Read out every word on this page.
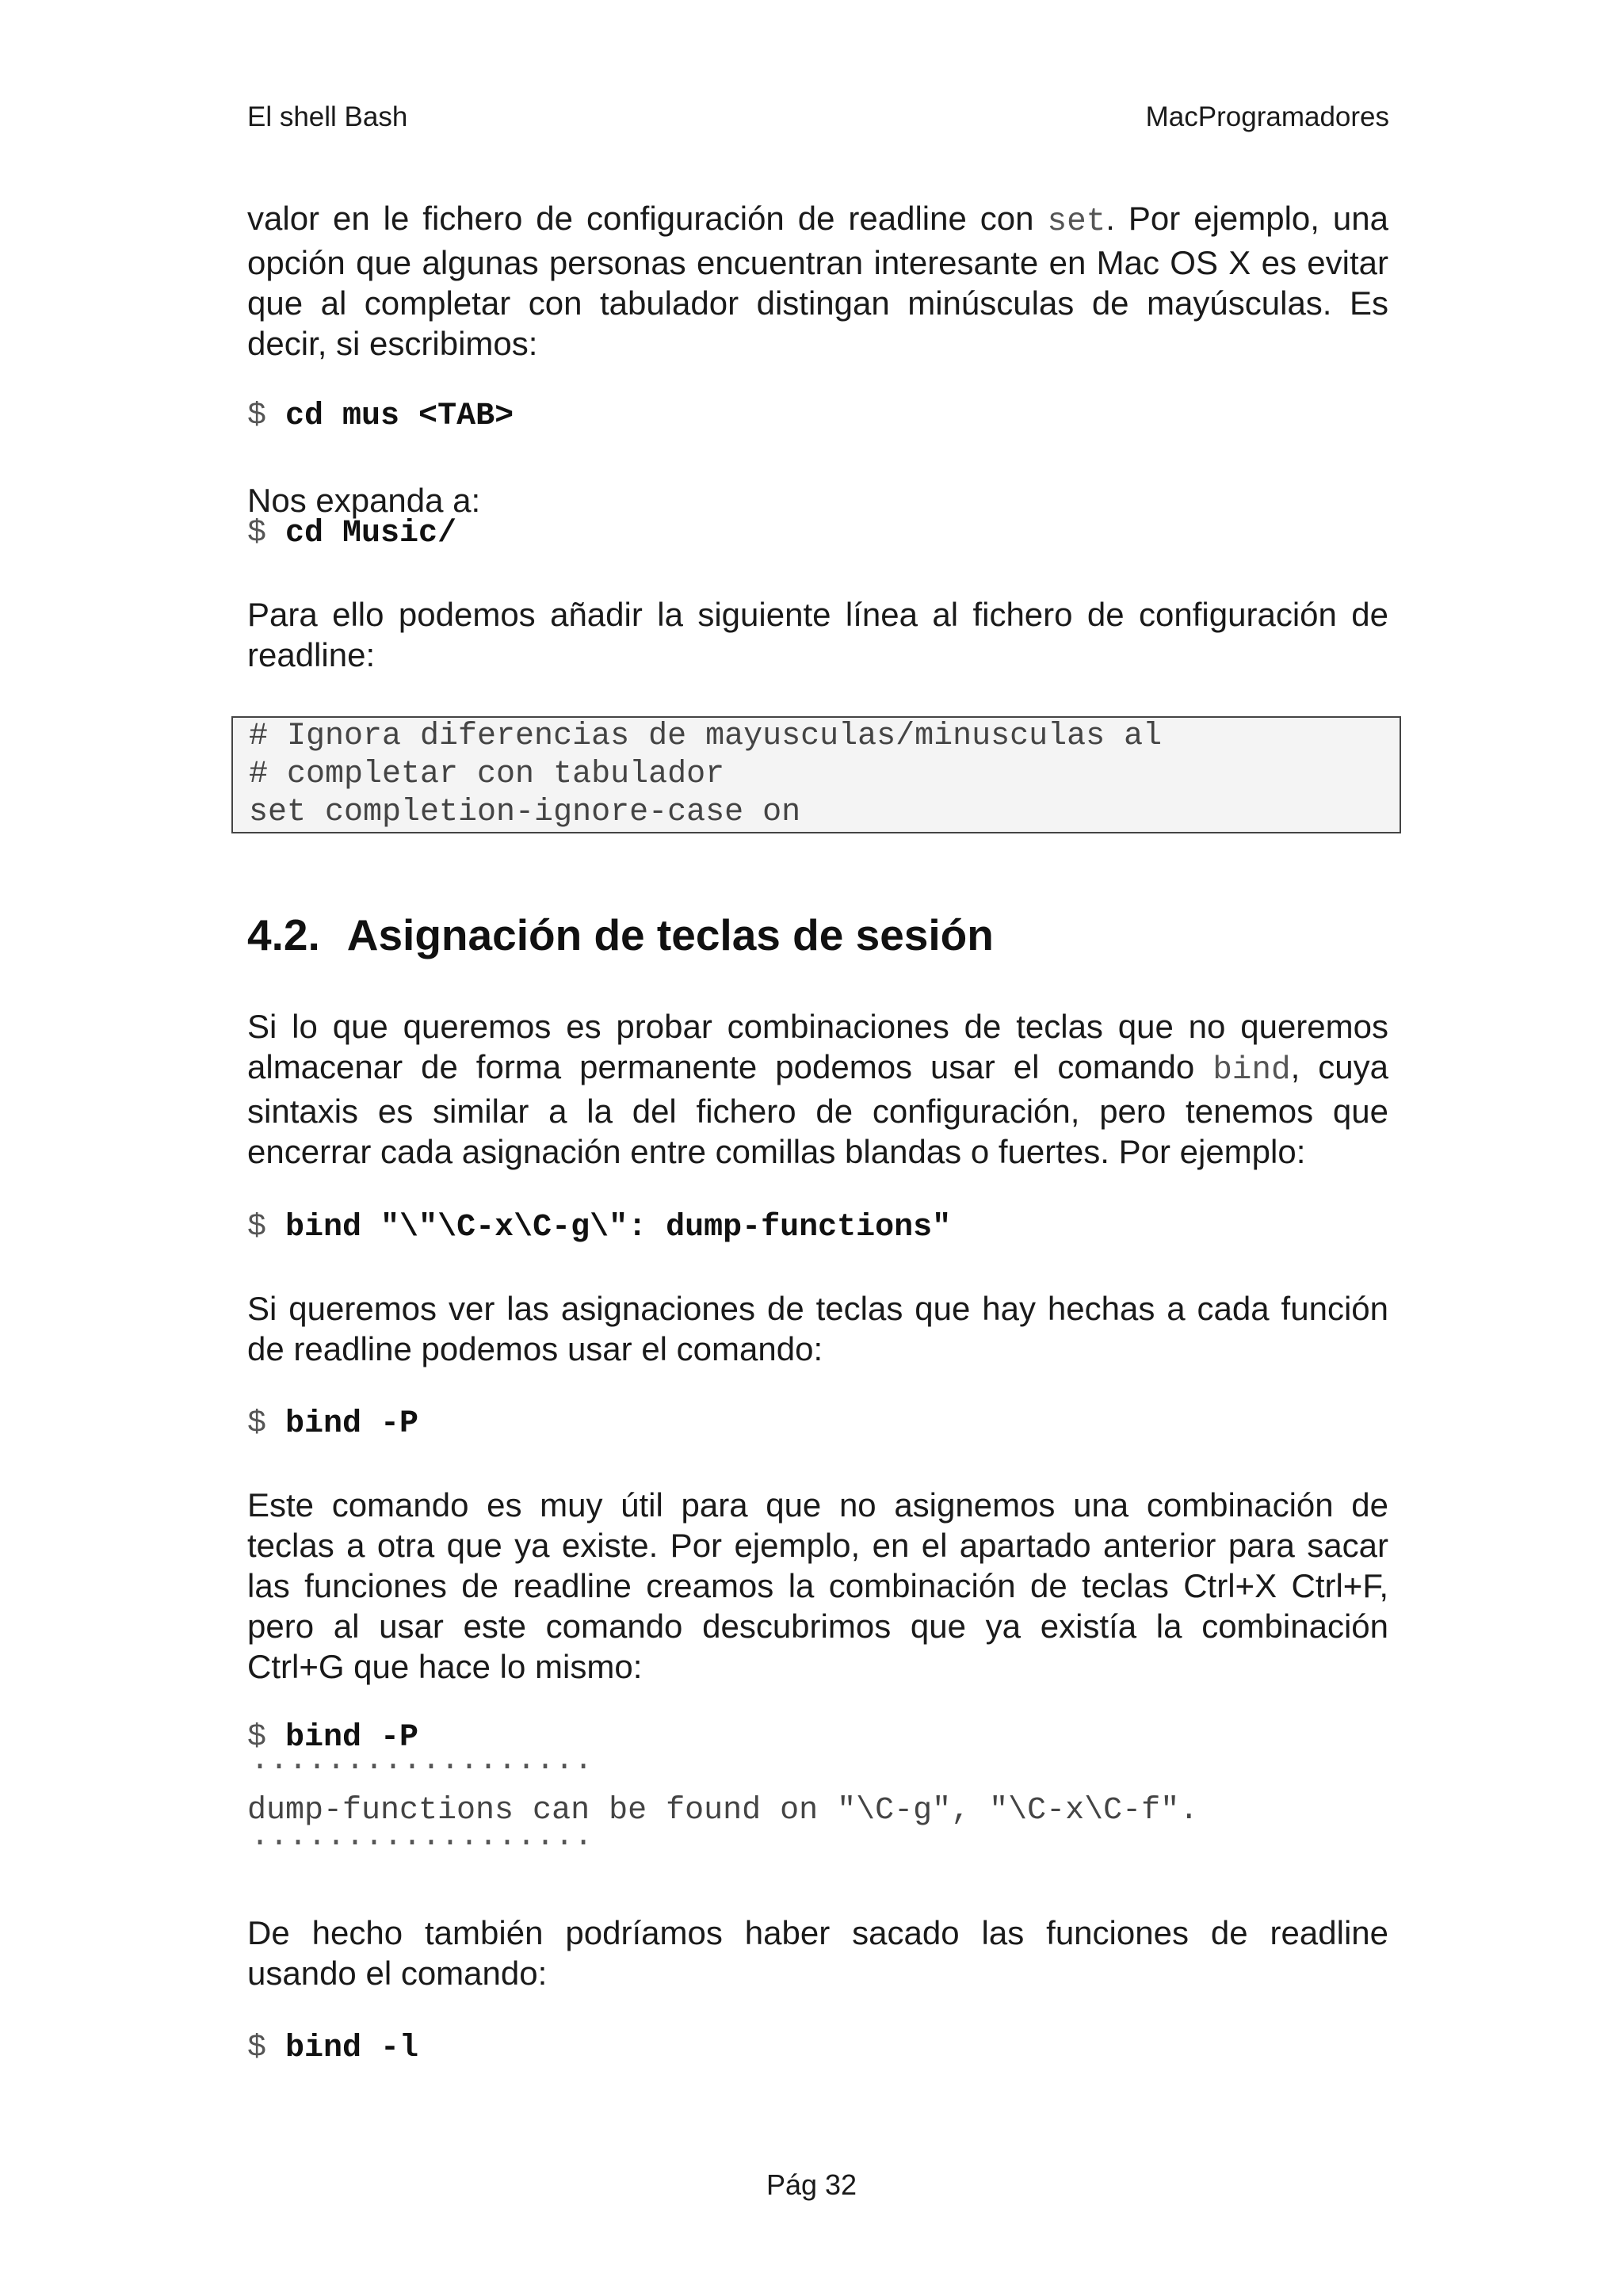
El shell Bash	MacProgramadores

valor en le fichero de configuración de readline con set. Por ejemplo, una opción que algunas personas encuentran interesante en Mac OS X es evitar que al completar con tabulador distingan minúsculas de mayúsculas. Es decir, si escribimos:

$ cd mus <TAB>

Nos expanda a:

$ cd Music/

Para ello podemos añadir la siguiente línea al fichero de configuración de readline:

# Ignora diferencias de mayusculas/minusculas al
# completar con tabulador
set completion-ignore-case on
4.2. Asignación de teclas de sesión

Si lo que queremos es probar combinaciones de teclas que no queremos almacenar de forma permanente podemos usar el comando bind, cuya sintaxis es similar a la del fichero de configuración, pero tenemos que encerrar cada asignación entre comillas blandas o fuertes. Por ejemplo:

$ bind "\"\C-x\C-g\": dump-functions"

Si queremos ver las asignaciones de teclas que hay hechas a cada función de readline podemos usar el comando:

$ bind -P

Este comando es muy útil para que no asignemos una combinación de teclas a otra que ya existe. Por ejemplo, en el apartado anterior para sacar las funciones de readline creamos la combinación de teclas Ctrl+X Ctrl+F, pero al usar este comando descubrimos que ya existía la combinación Ctrl+G que hace lo mismo:

$ bind -P
··················
dump-functions can be found on "\C-g", "\C-x\C-f".
··················

De hecho también podríamos haber sacado las funciones de readline usando el comando:

$ bind -l
Pág 32
